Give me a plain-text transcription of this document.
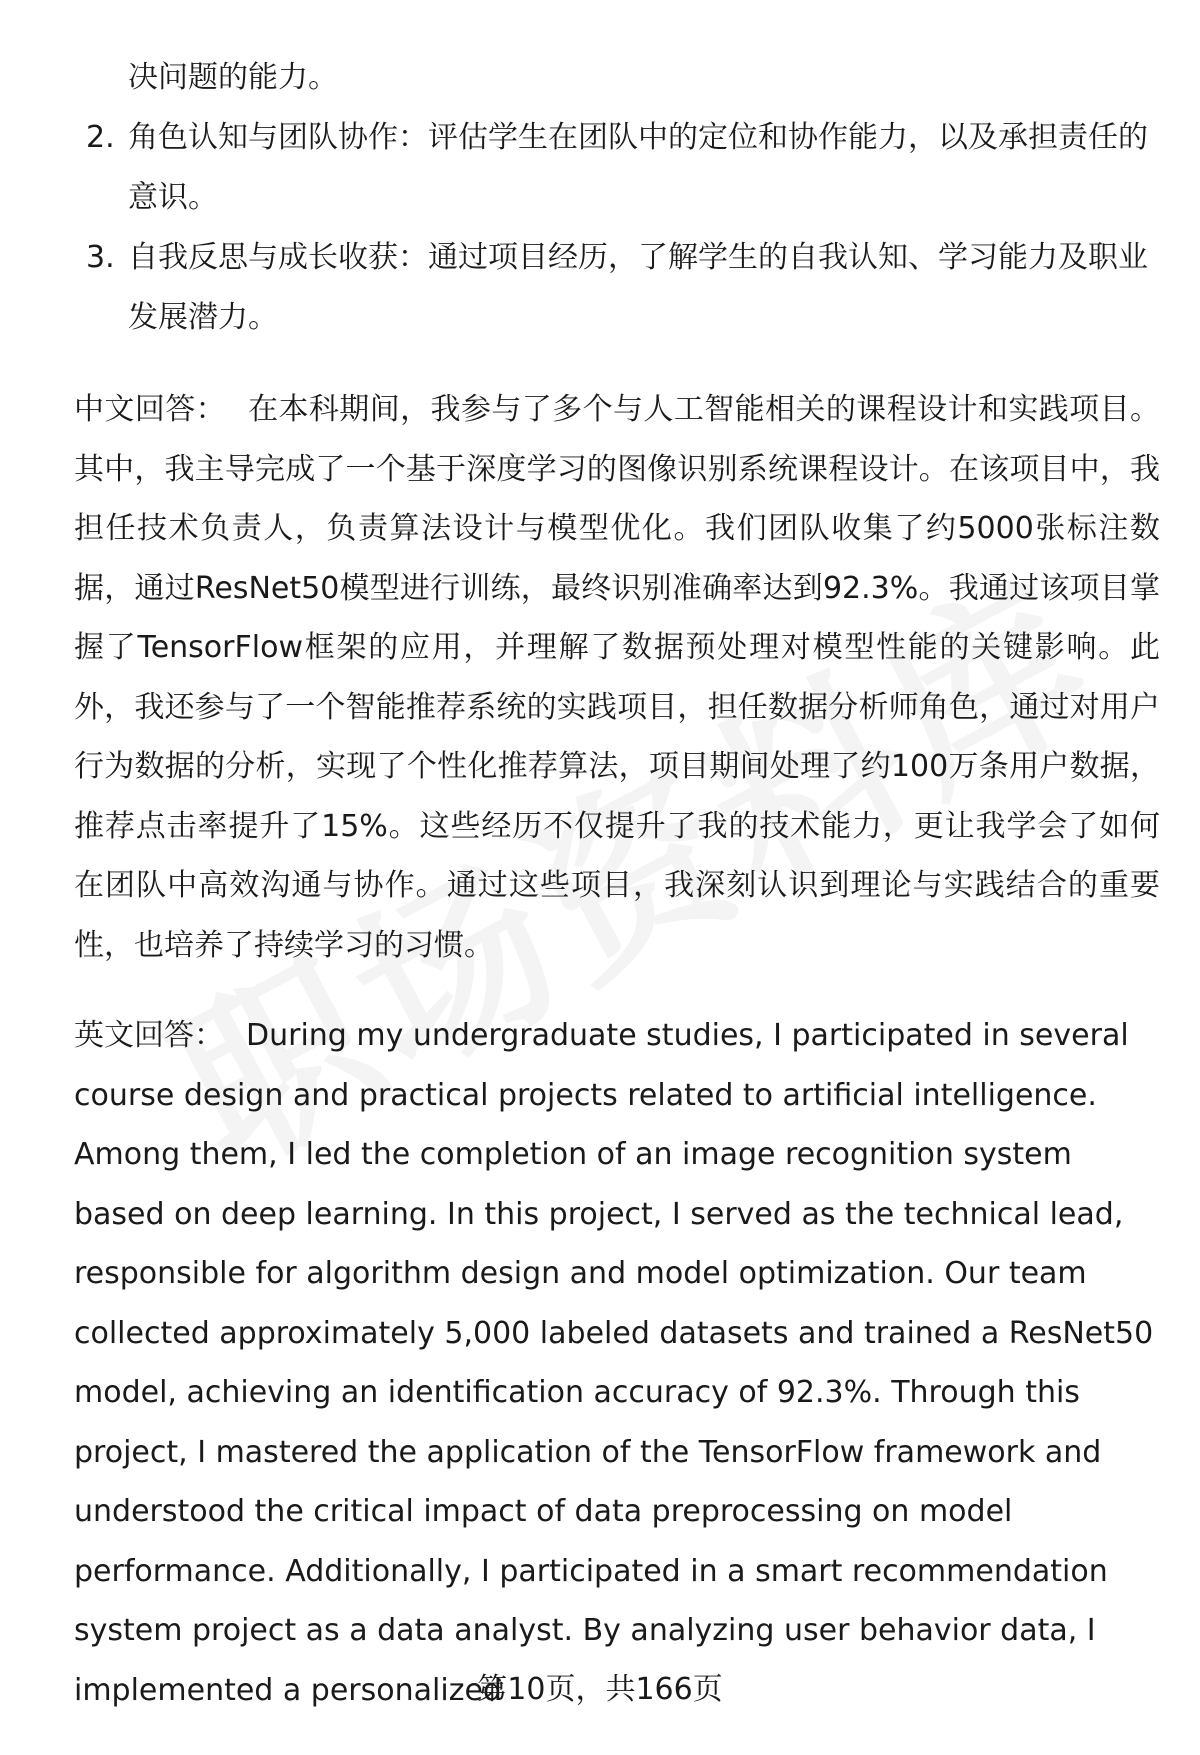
决问题的能力。
2. 角色认知与团队协作：评估学生在团队中的定位和协作能力，以及承担责任的意识。
3. 自我反思与成长收获：通过项目经历，了解学生的自我认知、学习能力及职业发展潜力。

中文回答： 在本科期间，我参与了多个与人工智能相关的课程设计和实践项目。其中，我主导完成了一个基于深度学习的图像识别系统课程设计。在该项目中，我担任技术负责人，负责算法设计与模型优化。我们团队收集了约5000张标注数据，通过ResNet50模型进行训练，最终识别准确率达到92.3%。我通过该项目掌握了TensorFlow框架的应用，并理解了数据预处理对模型性能的关键影响。此外，我还参与了一个智能推荐系统的实践项目，担任数据分析师角色，通过对用户行为数据的分析，实现了个性化推荐算法，项目期间处理了约100万条用户数据，推荐点击率提升了15%。这些经历不仅提升了我的技术能力，更让我学会了如何在团队中高效沟通与协作。通过这些项目，我深刻认识到理论与实践结合的重要性，也培养了持续学习的习惯。

英文回答： During my undergraduate studies, I participated in several course design and practical projects related to artificial intelligence. Among them, I led the completion of an image recognition system based on deep learning. In this project, I served as the technical lead, responsible for algorithm design and model optimization. Our team collected approximately 5,000 labeled datasets and trained a ResNet50 model, achieving an identification accuracy of 92.3%. Through this project, I mastered the application of the TensorFlow framework and understood the critical impact of data preprocessing on model performance. Additionally, I participated in a smart recommendation system project as a data analyst. By analyzing user behavior data, I implemented a personalized

第10页，共166页
